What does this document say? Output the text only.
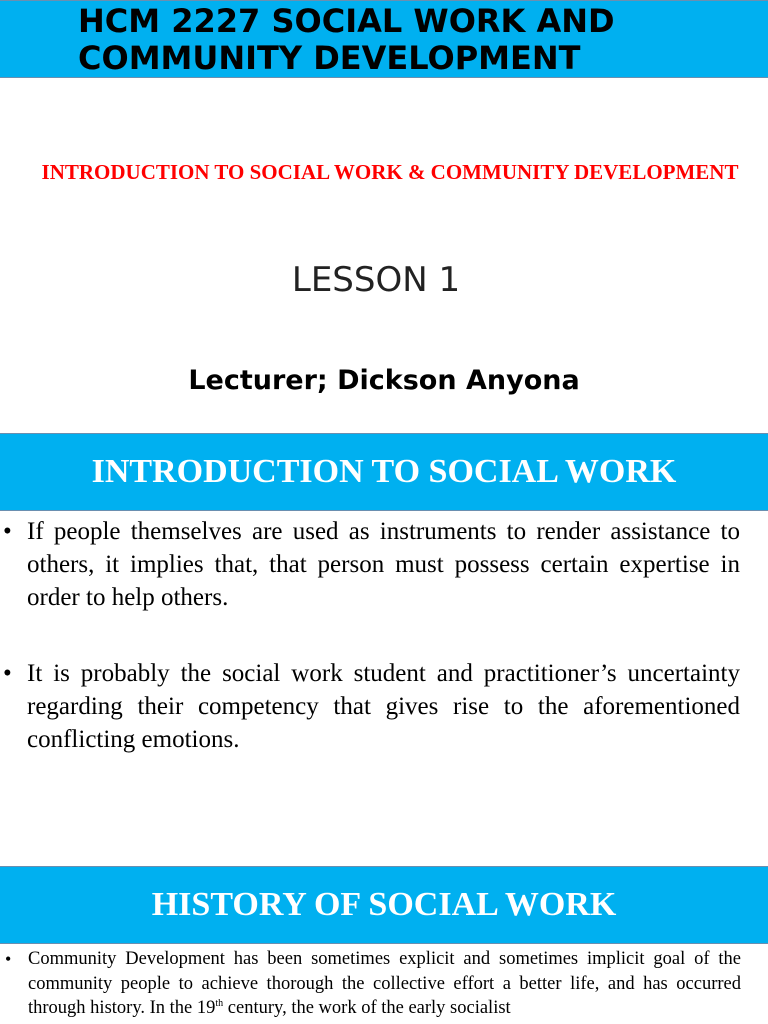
HCM 2227 SOCIAL WORK AND COMMUNITY DEVELOPMENT
INTRODUCTION TO SOCIAL WORK & COMMUNITY DEVELOPMENT
LESSON 1
Lecturer; Dickson Anyona
INTRODUCTION TO SOCIAL WORK
• If people themselves are used as instruments to render assistance to others, it implies that, that person must possess certain expertise in order to help others.
• It is probably the social work student and practitioner’s uncertainty regarding their competency that gives rise to the aforementioned conflicting emotions.
HISTORY OF SOCIAL WORK
• Community Development has been sometimes explicit and sometimes implicit goal of the community people to achieve thorough the collective effort a better life, and has occurred through history. In the 19th century, the work of the early socialist
